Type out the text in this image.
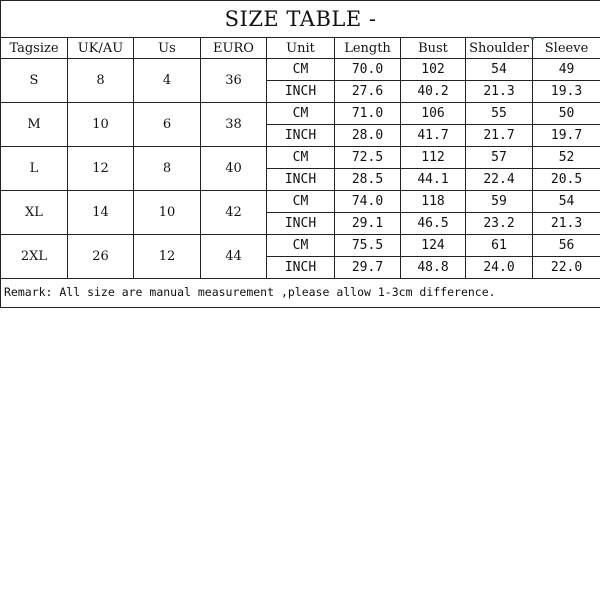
SIZE TABLE -								
Tagsize	UK/AU	Us	EURO	Unit	Length	Bust	Shoulder	Sleeve
S	8	4	36	CM	70.0	102	54	49
				INCH	27.6	40.2	21.3	19.3
M	10	6	38	CM	71.0	106	55	50
				INCH	28.0	41.7	21.7	19.7
L	12	8	40	CM	72.5	112	57	52
				INCH	28.5	44.1	22.4	20.5
XL	14	10	42	CM	74.0	118	59	54
				INCH	29.1	46.5	23.2	21.3
2XL	26	12	44	CM	75.5	124	61	56
				INCH	29.7	48.8	24.0	22.0
Remark: All size are manual measurement ,please allow 1-3cm difference.								
